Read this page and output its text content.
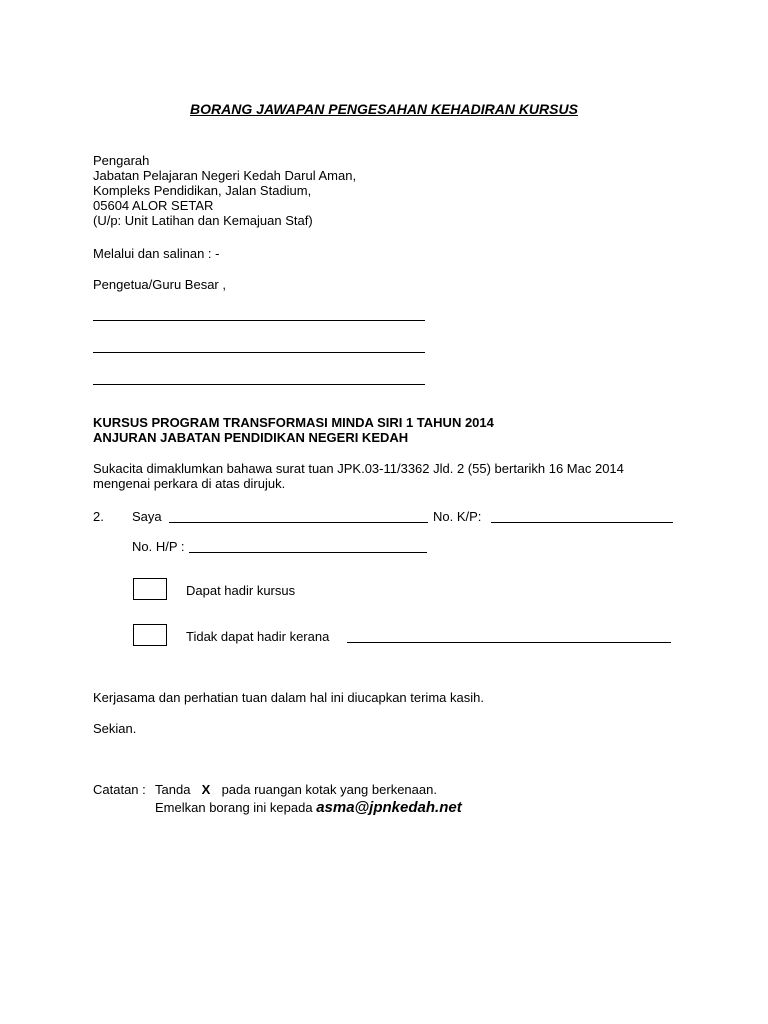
BORANG JAWAPAN PENGESAHAN KEHADIRAN KURSUS
Pengarah
Jabatan Pelajaran Negeri Kedah Darul Aman,
Kompleks Pendidikan, Jalan Stadium,
05604 ALOR SETAR
(U/p: Unit Latihan dan Kemajuan Staf)
Melalui dan salinan : -
Pengetua/Guru Besar ,
KURSUS PROGRAM TRANSFORMASI MINDA SIRI 1 TAHUN 2014
ANJURAN JABATAN PENDIDIKAN NEGERI KEDAH
Sukacita dimaklumkan bahawa surat tuan JPK.03-11/3362 Jld. 2 (55) bertarikh 16 Mac 2014
mengenai perkara di atas dirujuk.
2. Saya	No. K/P:
No. H/P :
Dapat hadir kursus
Tidak dapat hadir kerana
Kerjasama dan perhatian tuan dalam hal ini diucapkan terima kasih.
Sekian.
Catatan : Tanda X pada ruangan kotak yang berkenaan.
Emelkan borang ini kepada asma@jpnkedah.net
